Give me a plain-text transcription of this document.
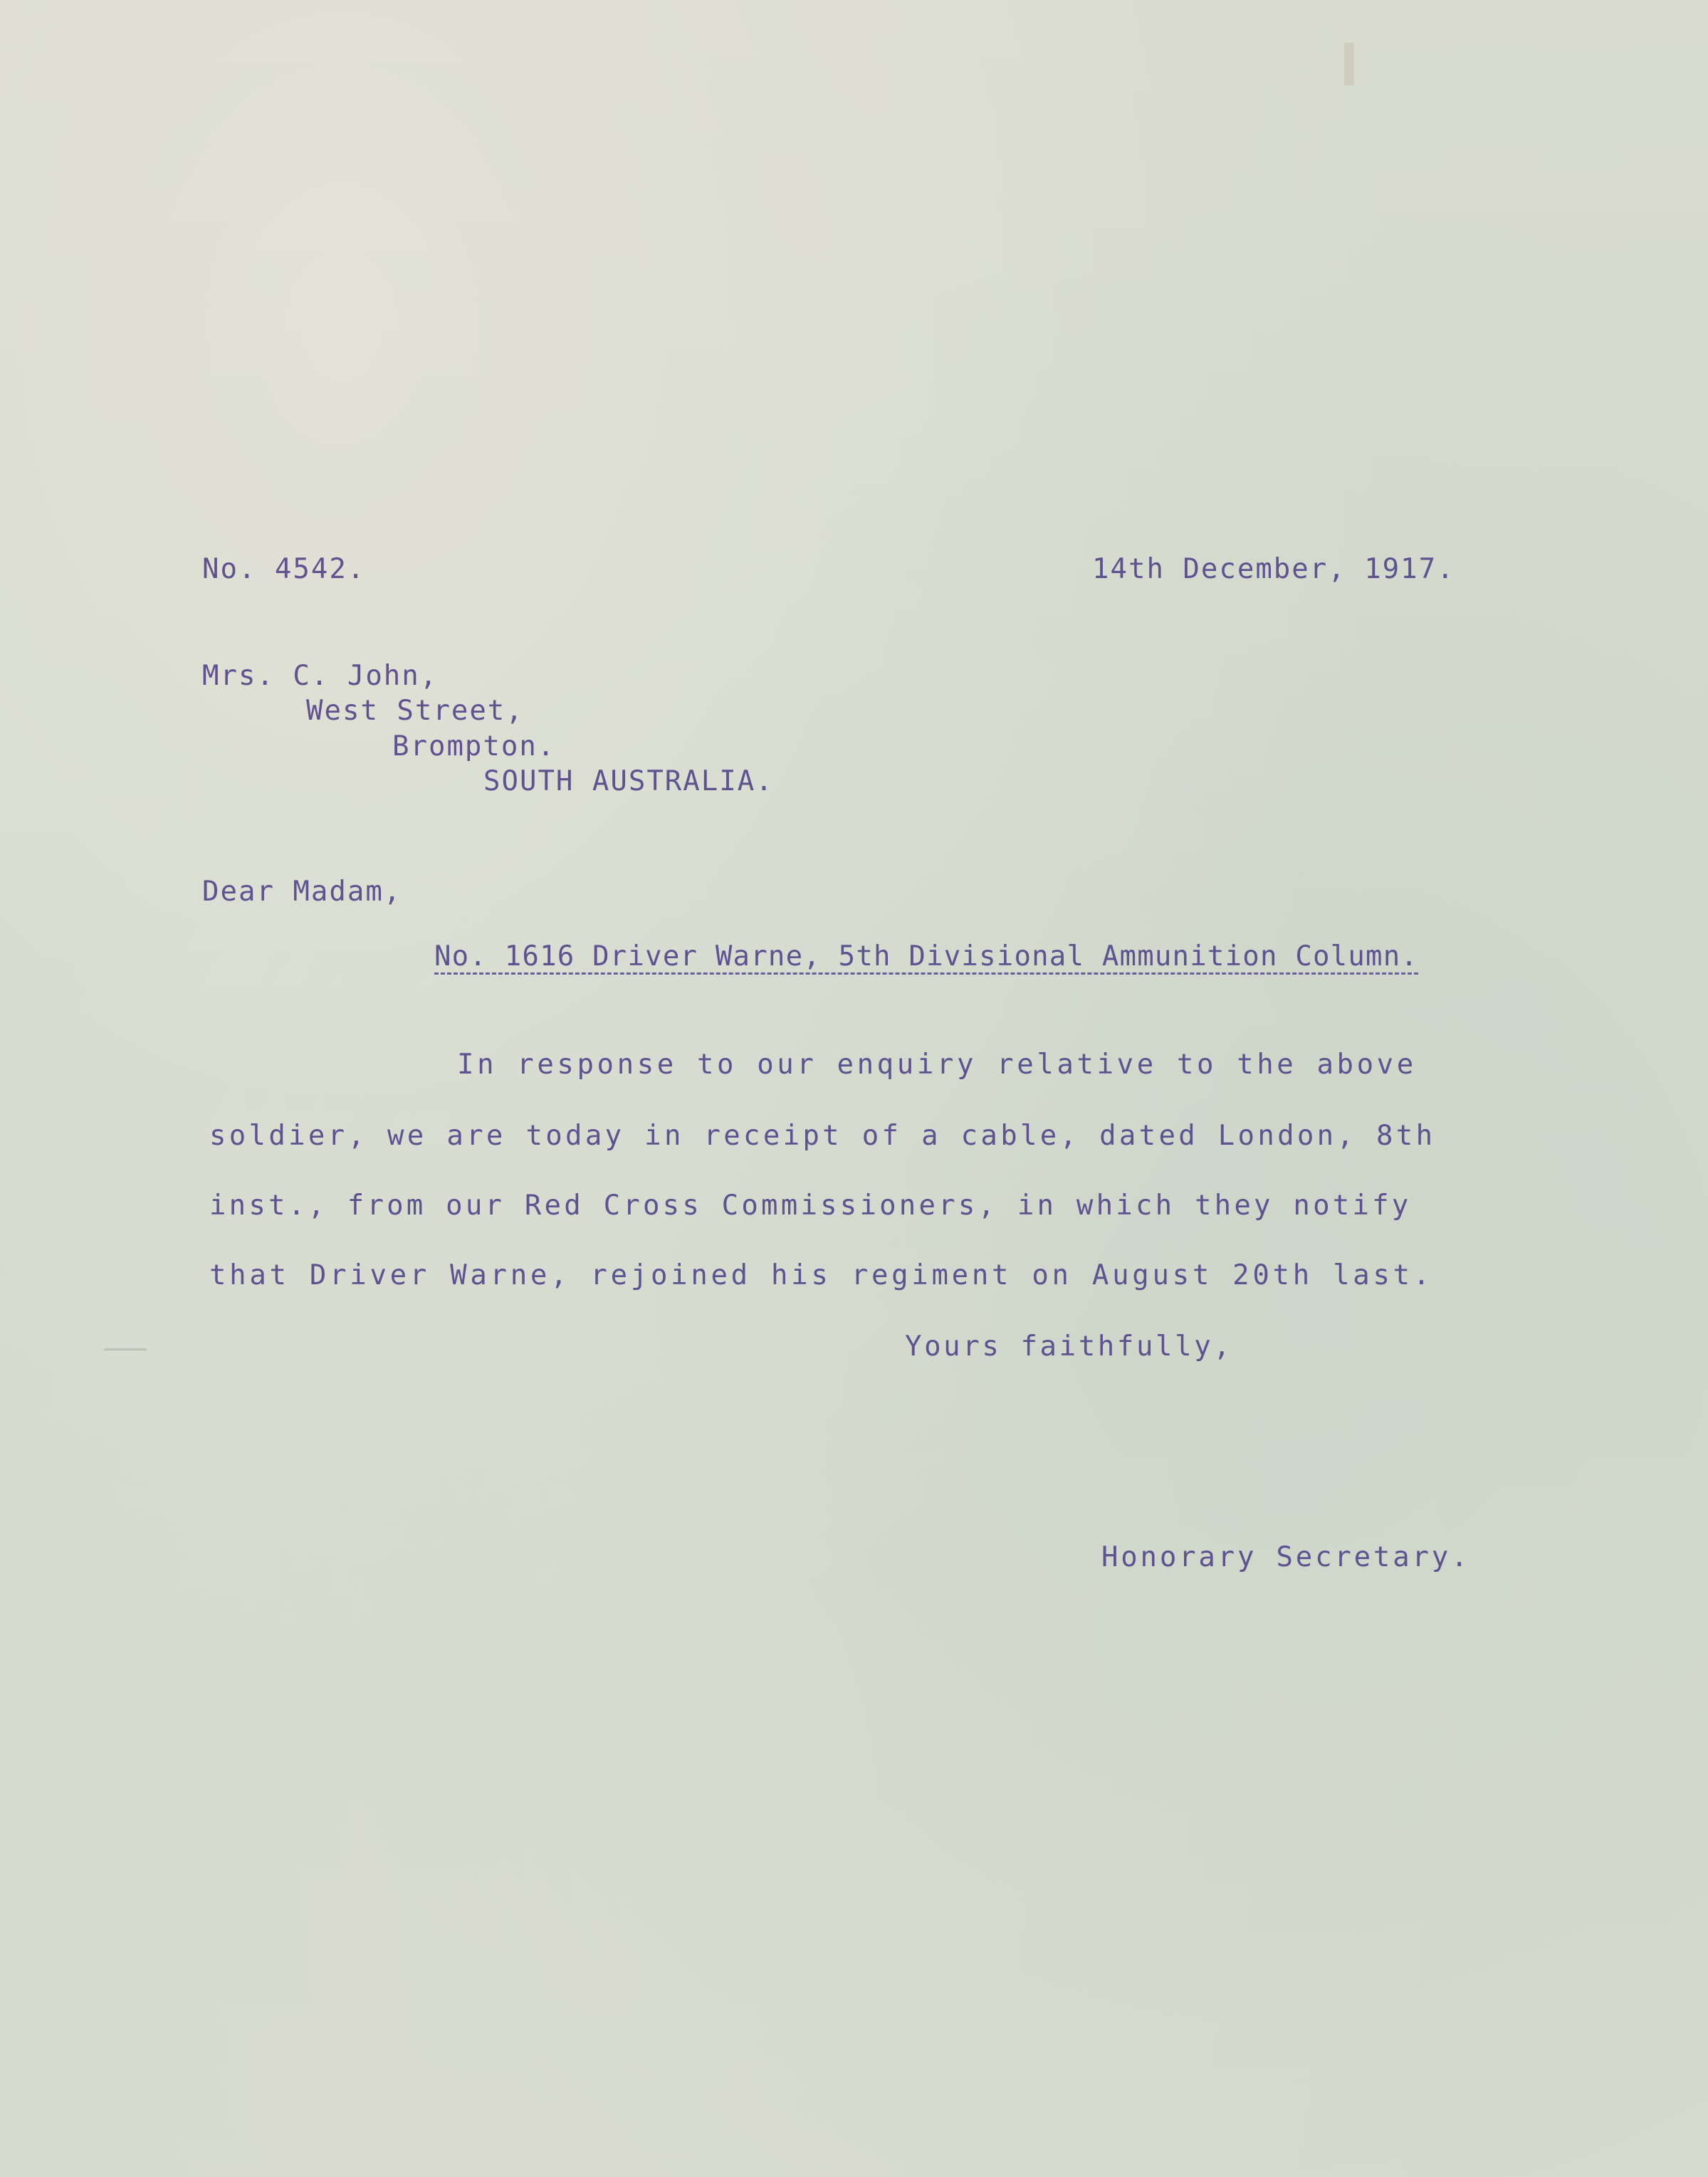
No. 4542.	14th December, 1917.

Mrs. C. John,

West Street,

Brompton.

SOUTH AUSTRALIA.

Dear Madam,

No. 1616 Driver Warne, 5th Divisional Ammunition Column.

In response to our enquiry relative to the above

soldier, we are today in receipt of a cable, dated London, 8th

inst., from our Red Cross Commissioners, in which they notify

that Driver Warne, rejoined his regiment on August 20th last.

Yours faithfully,

Honorary Secretary.
